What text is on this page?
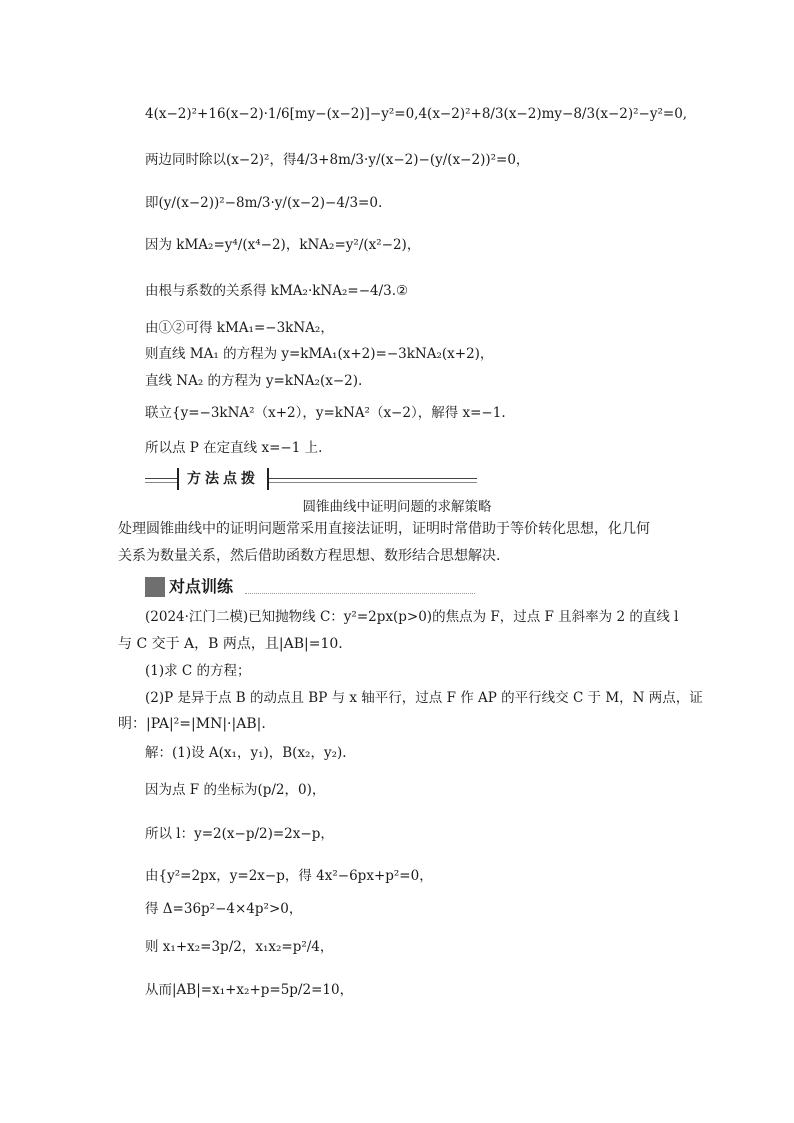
4(x−2)²+16(x−2)·1/6[my−(x−2)]−y²=0,4(x−2)²+8/3(x−2)my−8/3(x−2)²−y²=0,
两边同时除以(x−2)²，得4/3+8m/3·y/(x−2)−(y/(x−2))²=0，
即(y/(x−2))²−8m/3·y/(x−2)−4/3=0.
因为 kMA₂=y⁴/(x⁴−2)，kNA₂=y²/(x²−2)，
由根与系数的关系得 kMA₂·kNA₂=−4/3.②
由①②可得 kMA₁=−3kNA₂，
则直线 MA₁ 的方程为 y=kMA₁(x+2)=−3kNA₂(x+2)，
直线 NA₂ 的方程为 y=kNA₂(x−2).
联立{y=−3kNA²（x+2），y=kNA²（x−2），解得 x=−1.
所以点 P 在定直线 x=−1 上.
方法点拨
圆锥曲线中证明问题的求解策略
处理圆锥曲线中的证明问题常采用直接法证明，证明时常借助于等价转化思想，化几何
关系为数量关系，然后借助函数方程思想、数形结合思想解决.
对点训练
(2024·江门二模)已知抛物线 C：y²=2px(p>0)的焦点为 F，过点 F 且斜率为 2 的直线 l
与 C 交于 A，B 两点，且|AB|=10.
(1)求 C 的方程；
(2)P 是异于点 B 的动点且 BP 与 x 轴平行，过点 F 作 AP 的平行线交 C 于 M，N 两点，证
明：|PA|²=|MN|·|AB|.
解：(1)设 A(x₁，y₁)，B(x₂，y₂).
因为点 F 的坐标为(p/2，0)，
所以 l：y=2(x−p/2)=2x−p，
由{y²=2px，y=2x−p，得 4x²−6px+p²=0，
得 Δ=36p²−4×4p²>0，
则 x₁+x₂=3p/2，x₁x₂=p²/4，
从而|AB|=x₁+x₂+p=5p/2=10，
